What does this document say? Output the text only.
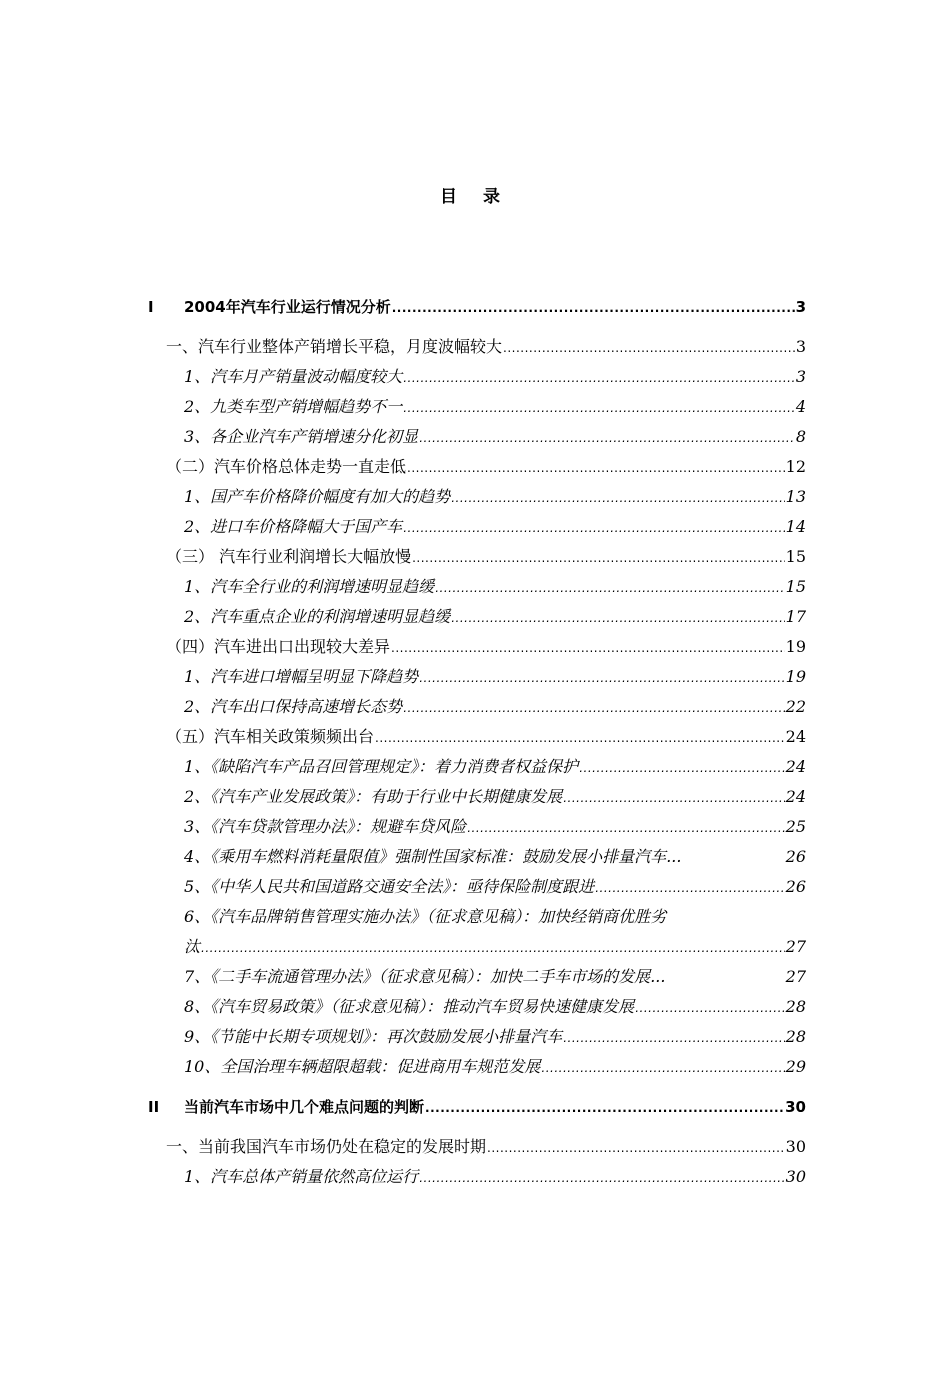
目 录
I 2004年汽车行业运行情况分析 .....	3
一、汽车行业整体产销增长平稳，月度波幅较大 .....	3
1、汽车月产销量波动幅度较大 .....	3
2、九类车型产销增幅趋势不一 .....	4
3、各企业汽车产销增速分化初显 .....	8
（二）汽车价格总体走势一直走低 .....	12
1、国产车价格降价幅度有加大的趋势 .....	13
2、进口车价格降幅大于国产车 .....	14
（三） 汽车行业利润增长大幅放慢 .....	15
1、汽车全行业的利润增速明显趋缓 .....	15
2、汽车重点企业的利润增速明显趋缓 .....	17
（四）汽车进出口出现较大差异 .....	19
1、汽车进口增幅呈明显下降趋势 .....	19
2、汽车出口保持高速增长态势 .....	22
（五）汽车相关政策频频出台 .....	24
1、《缺陷汽车产品召回管理规定》：着力消费者权益保护 .....	24
2、《汽车产业发展政策》：有助于行业中长期健康发展 .....	24
3、《汽车贷款管理办法》：规避车贷风险 .....	25
4、《乘用车燃料消耗量限值》强制性国家标准：鼓励发展小排量汽车...	26
5、《中华人民共和国道路交通安全法》：亟待保险制度跟进 .....	26
6、《汽车品牌销售管理实施办法》（征求意见稿）：加快经销商优胜劣
汰 .....	27
7、《二手车流通管理办法》（征求意见稿）：加快二手车市场的发展...	27
8、《汽车贸易政策》（征求意见稿）：推动汽车贸易快速健康发展 .....	28
9、《节能中长期专项规划》：再次鼓励发展小排量汽车 .....	28
10、全国治理车辆超限超载：促进商用车规范发展 .....	29
II 当前汽车市场中几个难点问题的判断 .....	30
一、当前我国汽车市场仍处在稳定的发展时期 .....	30
1、汽车总体产销量依然高位运行 .....	30
